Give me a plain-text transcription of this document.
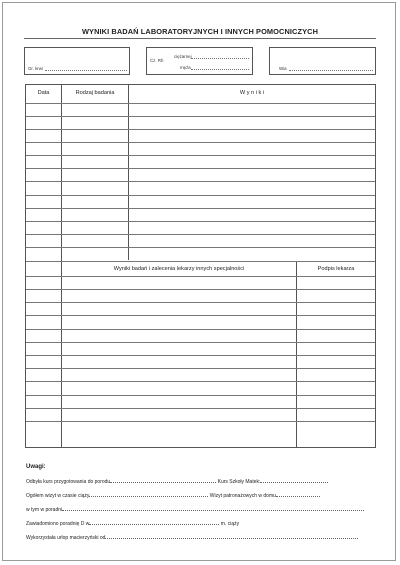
WYNIKI BADAŃ LABORATORYJNYCH I INNYCH POMOCNICZYCH
Gr. krwi
Cz. Rh
ciężarnej
męża	Wia
Data	Rodzaj badania	W y n i k i
Wyniki badań i zalecenia lekarzy innych specjalności	Podpis lekarza
Uwagi:
Odbyła kurs przygotowania do porodu	Kurs Szkoły Matek:
Ogółem wizyt w czasie ciąży	Wizyt patronażowych w domu
w tym w poradni
Zawiadomiono poradnię D w	m. ciąży
Wykorzystała urlop macierzyński od
